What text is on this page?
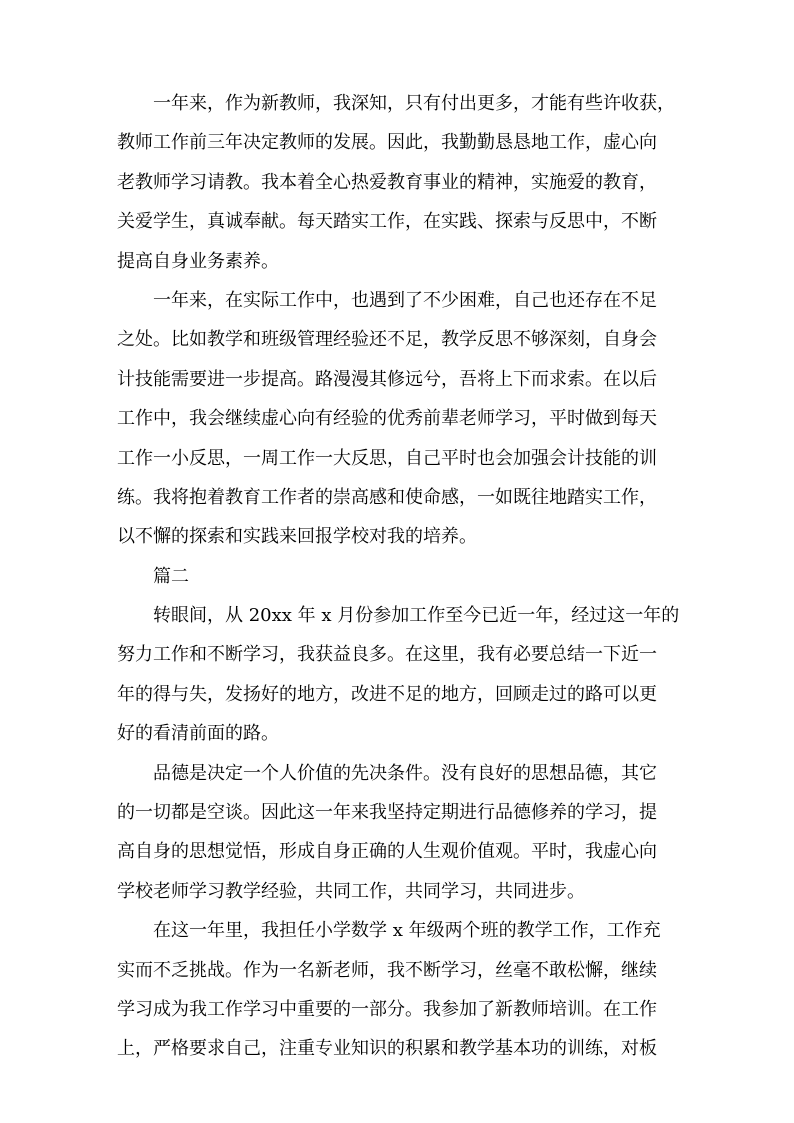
　　一年来，作为新教师，我深知，只有付出更多，才能有些许收获，
教师工作前三年决定教师的发展。因此，我勤勤恳恳地工作，虚心向
老教师学习请教。我本着全心热爱教育事业的精神，实施爱的教育，
关爱学生，真诚奉献。每天踏实工作，在实践、探索与反思中，不断
提高自身业务素养。
　　一年来，在实际工作中，也遇到了不少困难，自己也还存在不足
之处。比如教学和班级管理经验还不足，教学反思不够深刻，自身会
计技能需要进一步提高。路漫漫其修远兮，吾将上下而求索。在以后
工作中，我会继续虚心向有经验的优秀前辈老师学习，平时做到每天
工作一小反思，一周工作一大反思，自己平时也会加强会计技能的训
练。我将抱着教育工作者的崇高感和使命感，一如既往地踏实工作，
以不懈的探索和实践来回报学校对我的培养。
篇二
　　转眼间，从 20xx 年 x 月份参加工作至今已近一年，经过这一年的
努力工作和不断学习，我获益良多。在这里，我有必要总结一下近一
年的得与失，发扬好的地方，改进不足的地方，回顾走过的路可以更
好的看清前面的路。
　　品德是决定一个人价值的先决条件。没有良好的思想品德，其它
的一切都是空谈。因此这一年来我坚持定期进行品德修养的学习，提
高自身的思想觉悟，形成自身正确的人生观价值观。平时，我虚心向
学校老师学习教学经验，共同工作，共同学习，共同进步。
　　在这一年里，我担任小学数学 x 年级两个班的教学工作，工作充
实而不乏挑战。作为一名新老师，我不断学习，丝毫不敢松懈，继续
学习成为我工作学习中重要的一部分。我参加了新教师培训。在工作
上，严格要求自己，注重专业知识的积累和教学基本功的训练，对板
